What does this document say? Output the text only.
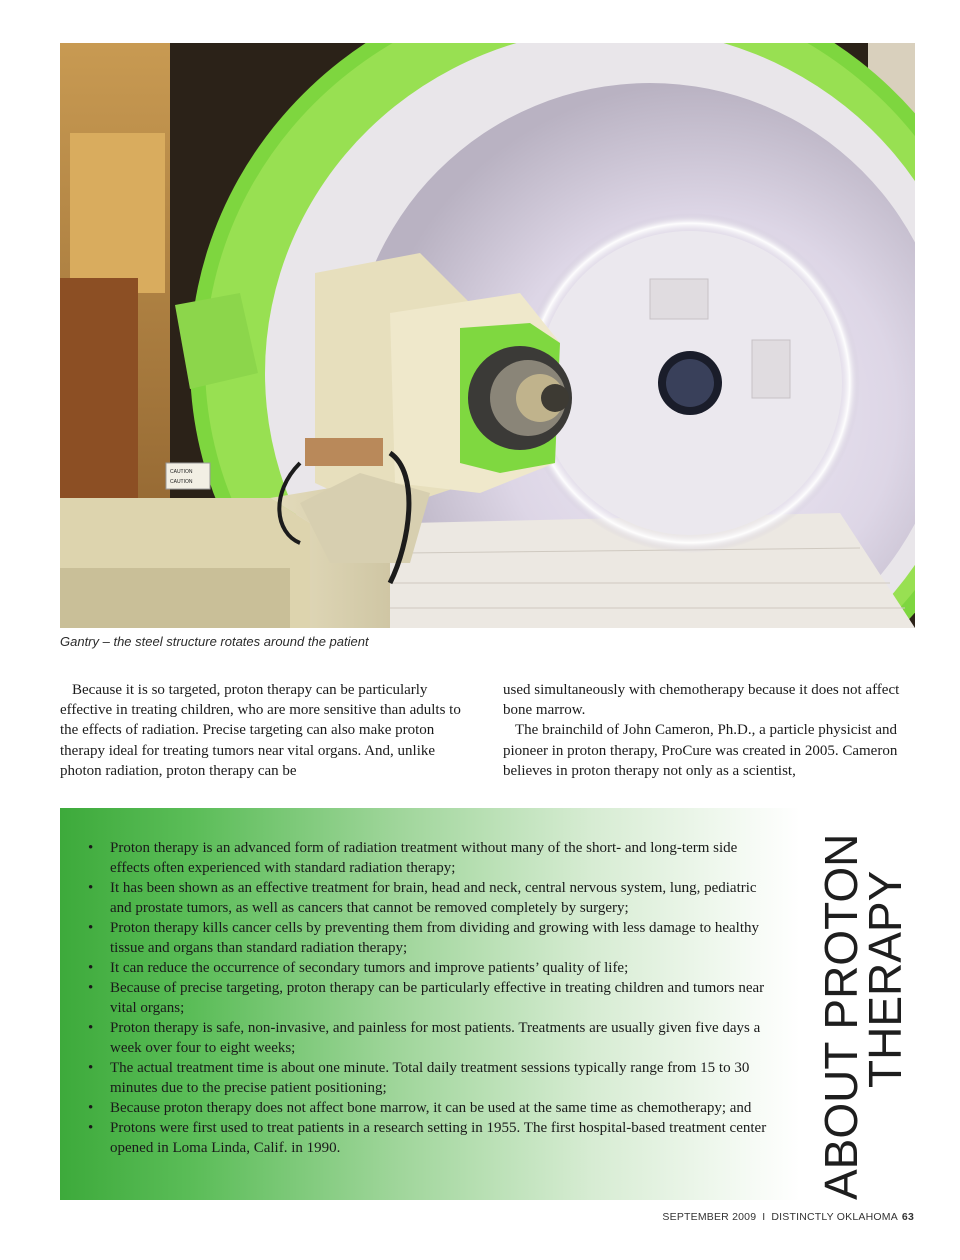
CAUTION
CAUTION
Gantry – the steel structure rotates around the patient

Because it is so targeted, proton therapy can be particularly effective in treating children, who are more sensitive than adults to the effects of radiation. Precise targeting can also make proton therapy ideal for treating tumors near vital organs. And, unlike photon radiation, proton therapy can be

used simultaneously with chemotherapy because it does not affect bone marrow.

The brainchild of John Cameron, Ph.D., a particle physicist and pioneer in proton therapy, ProCure was created in 2005. Cameron believes in proton therapy not only as a scientist,

• Proton therapy is an advanced form of radiation treatment without many of the short- and long-term side effects often experienced with standard radiation therapy;
• It has been shown as an effective treatment for brain, head and neck, central nervous system, lung, pediatric and prostate tumors, as well as cancers that cannot be removed completely by surgery;
• Proton therapy kills cancer cells by preventing them from dividing and growing with less damage to healthy tissue and organs than standard radiation therapy;
• It can reduce the occurrence of secondary tumors and improve patients’ quality of life;
• Because of precise targeting, proton therapy can be particularly effective in treating children and tumors near vital organs;
• Proton therapy is safe, non-invasive, and painless for most patients. Treatments are usually given five days a week over four to eight weeks;
• The actual treatment time is about one minute. Total daily treatment sessions typically range from 15 to 30 minutes due to the precise patient positioning;
• Because proton therapy does not affect bone marrow, it can be used at the same time as chemotherapy; and
• Protons were first used to treat patients in a research setting in 1955. The first hospital-based treatment center opened in Loma Linda, Calif. in 1990.	ABOUT PROTON
THERAPY
SEPTEMBER 2009 I DISTINCTLY OKLAHOMA 63
